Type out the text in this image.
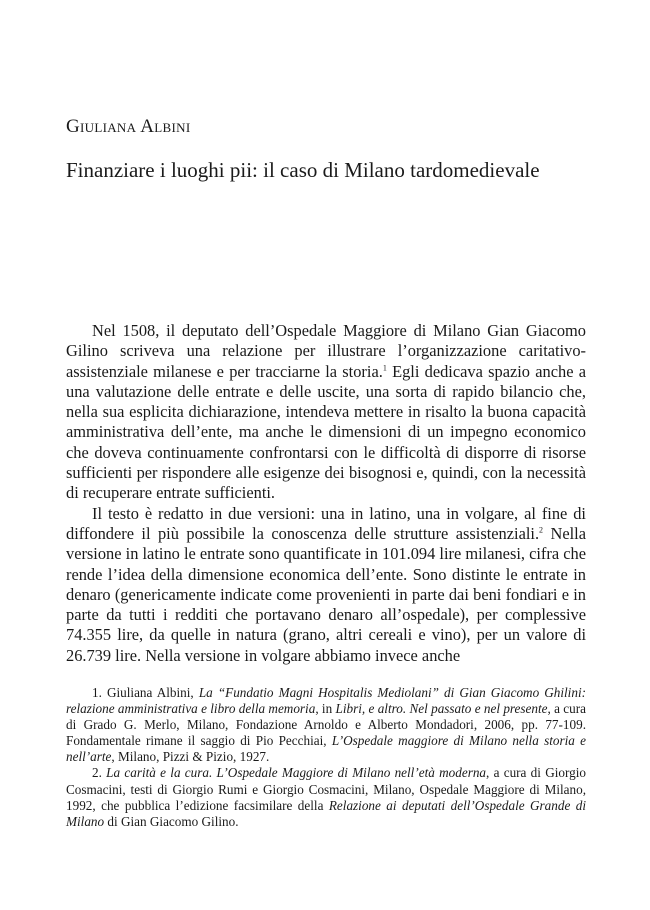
Giuliana Albini
Finanziare i luoghi pii: il caso di Milano tardomedievale

Nel 1508, il deputato dell’Ospedale Maggiore di Milano Gian Giacomo Gilino scriveva una relazione per illustrare l’organizzazione caritativo-assistenziale milanese e per tracciarne la storia.$^1$ Egli dedicava spazio anche a una valutazione delle entrate e delle uscite, una sorta di rapido bilancio che, nella sua esplicita dichiarazione, intendeva mettere in risalto la buona capacità amministrativa dell’ente, ma anche le dimensioni di un impegno economico che doveva continuamente confrontarsi con le difficoltà di disporre di risorse sufficienti per rispondere alle esigenze dei bisognosi e, quindi, con la necessità di recuperare entrate sufficienti.

Il testo è redatto in due versioni: una in latino, una in volgare, al fine di diffondere il più possibile la conoscenza delle strutture assistenziali.$^2$ Nella versione in latino le entrate sono quantificate in 101.094 lire milanesi, cifra che rende l’idea della dimensione economica dell’ente. Sono distinte le entrate in denaro (genericamente indicate come provenienti in parte dai beni fondiari e in parte da tutti i redditi che portavano denaro all’ospedale), per complessive 74.355 lire, da quelle in natura (grano, altri cereali e vino), per un valore di 26.739 lire. Nella versione in volgare abbiamo invece anche

1. Giuliana Albini, La “Fundatio Magni Hospitalis Mediolani” di Gian Giacomo Ghilini: relazione amministrativa e libro della memoria, in Libri, e altro. Nel passato e nel presente, a cura di Grado G. Merlo, Milano, Fondazione Arnoldo e Alberto Mondadori, 2006, pp. 77-109. Fondamentale rimane il saggio di Pio Pecchiai, L’Ospedale maggiore di Milano nella storia e nell’arte, Milano, Pizzi & Pizio, 1927.

2. La carità e la cura. L’Ospedale Maggiore di Milano nell’età moderna, a cura di Giorgio Cosmacini, testi di Giorgio Rumi e Giorgio Cosmacini, Milano, Ospedale Maggiore di Milano, 1992, che pubblica l’edizione facsimilare della Relazione ai deputati dell’Ospedale Grande di Milano di Gian Giacomo Gilino.
